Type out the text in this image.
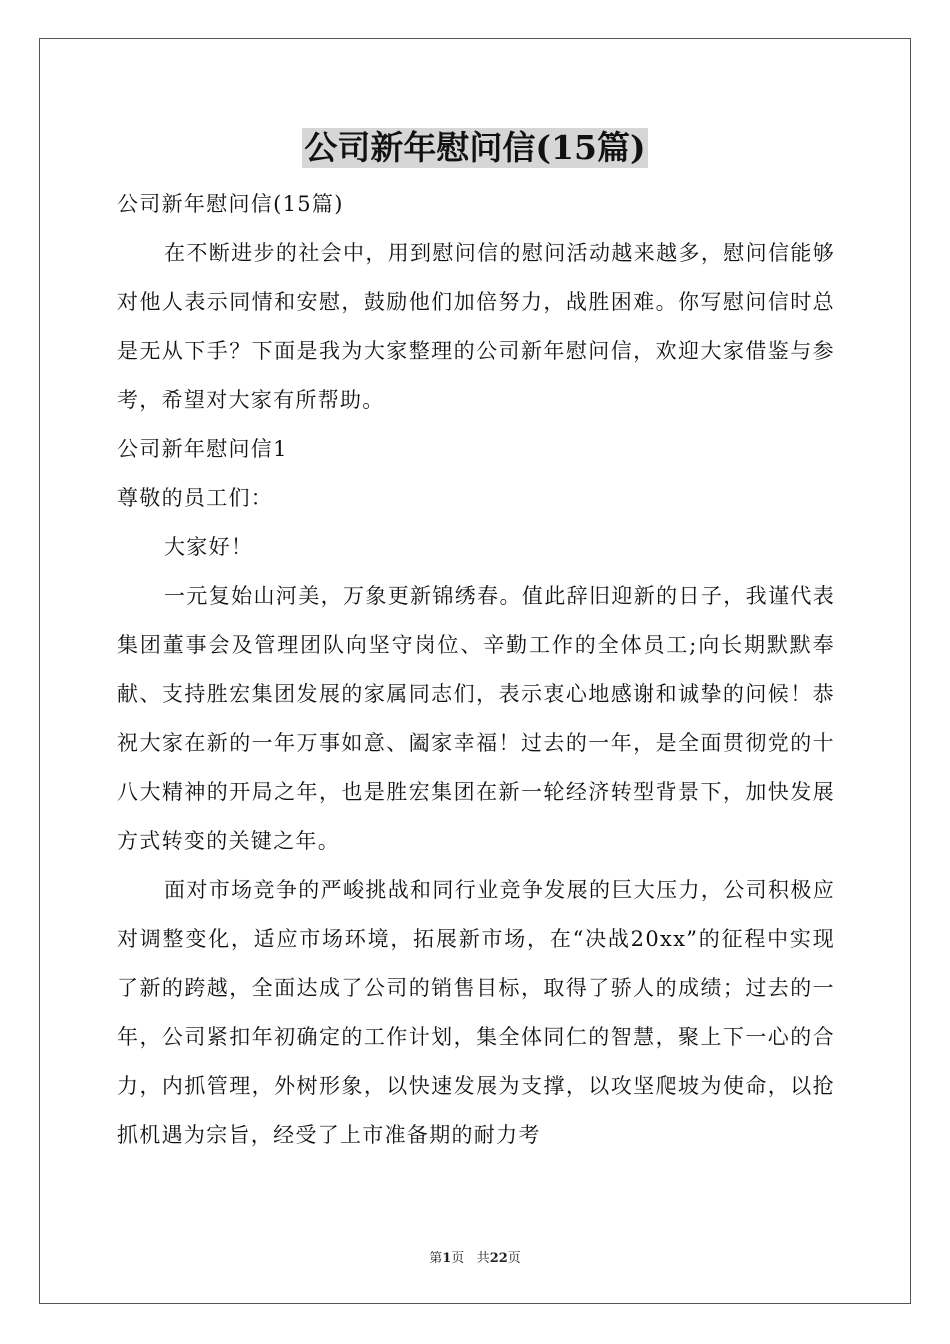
公司新年慰问信(15篇)

公司新年慰问信(15篇)

在不断进步的社会中，用到慰问信的慰问活动越来越多，慰问信能够对他人表示同情和安慰，鼓励他们加倍努力，战胜困难。你写慰问信时总是无从下手？下面是我为大家整理的公司新年慰问信，欢迎大家借鉴与参考，希望对大家有所帮助。

公司新年慰问信1

尊敬的员工们：

大家好！

一元复始山河美，万象更新锦绣春。值此辞旧迎新的日子，我谨代表集团董事会及管理团队向坚守岗位、辛勤工作的全体员工;向长期默默奉献、支持胜宏集团发展的家属同志们，表示衷心地感谢和诚挚的问候！恭祝大家在新的一年万事如意、阖家幸福！过去的一年，是全面贯彻党的十八大精神的开局之年，也是胜宏集团在新一轮经济转型背景下，加快发展方式转变的关键之年。

面对市场竞争的严峻挑战和同行业竞争发展的巨大压力，公司积极应对调整变化，适应市场环境，拓展新市场，在“决战20xx”的征程中实现了新的跨越，全面达成了公司的销售目标，取得了骄人的成绩；过去的一年，公司紧扣年初确定的工作计划，集全体同仁的智慧，聚上下一心的合力，内抓管理，外树形象，以快速发展为支撑，以攻坚爬坡为使命，以抢抓机遇为宗旨，经受了上市准备期的耐力考

第1页 共22页
